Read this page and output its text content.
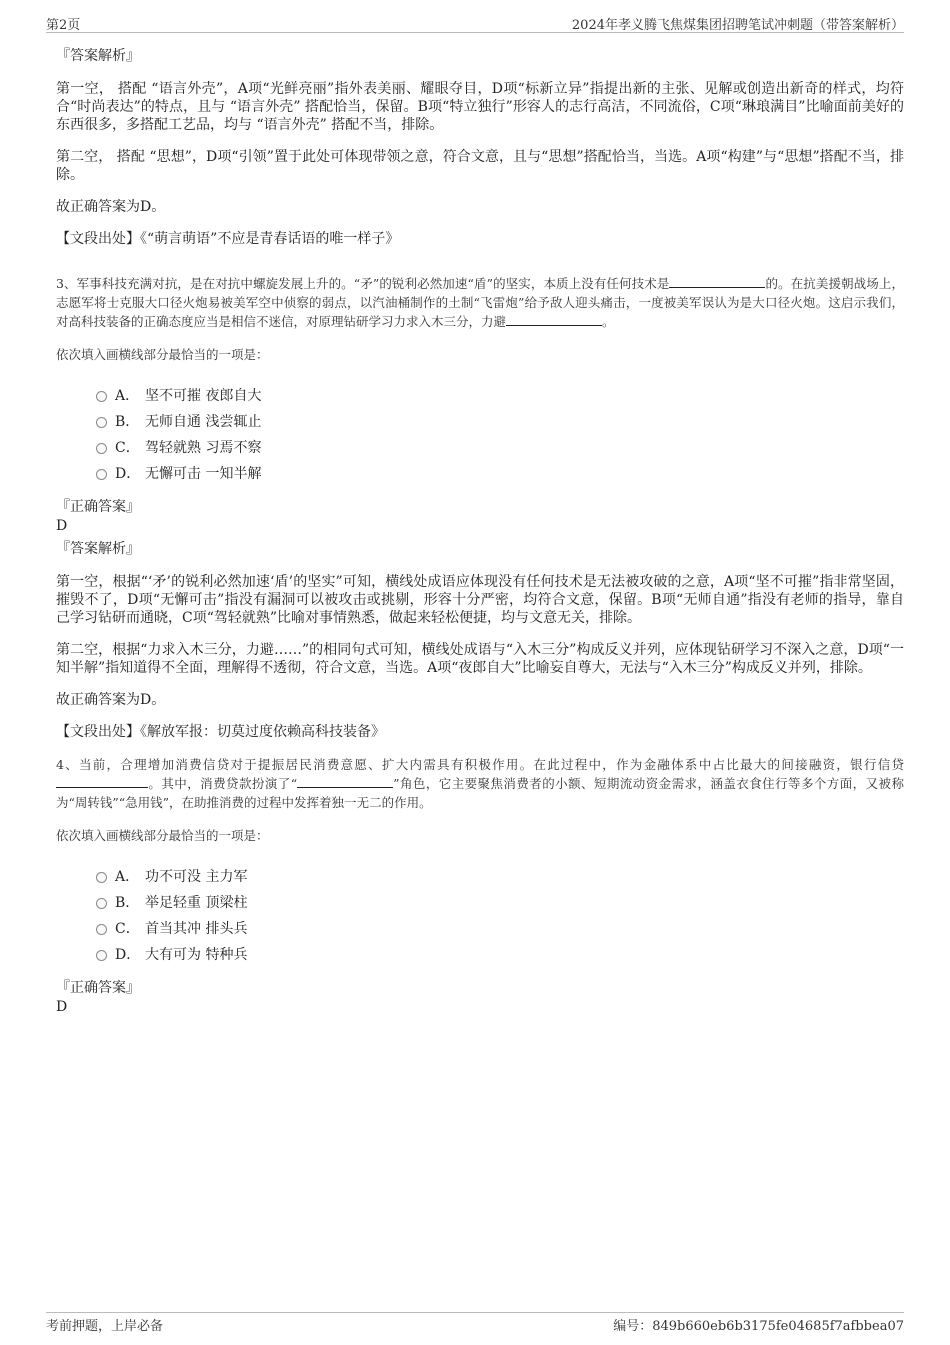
第2页	2024年孝义腾飞焦煤集团招聘笔试冲刺题（带答案解析）
『答案解析』

第一空， 搭配 “语言外壳”，A项“光鲜亮丽”指外表美丽、耀眼夺目，D项“标新立异”指提出新的主张、见解或创造出新奇的样式，均符合“时尚表达”的特点，且与 “语言外壳” 搭配恰当，保留。B项“特立独行”形容人的志行高洁，不同流俗，C项“琳琅满目”比喻面前美好的东西很多，多搭配工艺品，均与 “语言外壳” 搭配不当，排除。

第二空， 搭配 “思想”，D项“引领”置于此处可体现带领之意，符合文意，且与“思想”搭配恰当，当选。A项“构建”与“思想”搭配不当，排除。

故正确答案为D。

【文段出处】《“萌言萌语”不应是青春话语的唯一样子》

3、军事科技充满对抗，是在对抗中螺旋发展上升的。“矛”的锐利必然加速“盾”的坚实，本质上没有任何技术是	的。在抗美援朝战场上，志愿军将士克服大口径火炮易被美军空中侦察的弱点，以汽油桶制作的土制“飞雷炮”给予敌人迎头痛击，一度被美军误认为是大口径火炮。这启示我们，对高科技装备的正确态度应当是相信不迷信，对原理钻研学习力求入木三分，力避	。

依次填入画横线部分最恰当的一项是：

A． 坚不可摧 夜郎自大
B． 无师自通 浅尝辄止
C． 驾轻就熟 习焉不察
D． 无懈可击 一知半解
『正确答案』
D
『答案解析』

第一空，根据“‘矛’的锐利必然加速‘盾’的坚实”可知，横线处成语应体现没有任何技术是无法被攻破的之意，A项“坚不可摧”指非常坚固，摧毁不了，D项“无懈可击”指没有漏洞可以被攻击或挑剔，形容十分严密，均符合文意，保留。B项“无师自通”指没有老师的指导，靠自己学习钻研而通晓，C项“驾轻就熟”比喻对事情熟悉，做起来轻松便捷，均与文意无关，排除。

第二空，根据“力求入木三分，力避……”的相同句式可知，横线处成语与“入木三分”构成反义并列，应体现钻研学习不深入之意，D项“一知半解”指知道得不全面，理解得不透彻，符合文意，当选。A项“夜郎自大”比喻妄自尊大，无法与“入木三分”构成反义并列，排除。

故正确答案为D。

【文段出处】《解放军报：切莫过度依赖高科技装备》

4、当前，合理增加消费信贷对于提振居民消费意愿、扩大内需具有积极作用。在此过程中，作为金融体系中占比最大的间接融资，银行信贷。其中，消费贷款扮演了“	”角色，它主要聚焦消费者的小额、短期流动资金需求，涵盖衣食住行等多个方面，又被称为“周转钱”“急用钱”，在助推消费的过程中发挥着独一无二的作用。

依次填入画横线部分最恰当的一项是：

A． 功不可没 主力军
B． 举足轻重 顶梁柱
C． 首当其冲 排头兵
D． 大有可为 特种兵
『正确答案』
D
考前押题，上岸必备	编号：849b660eb6b3175fe04685f7afbbea07
